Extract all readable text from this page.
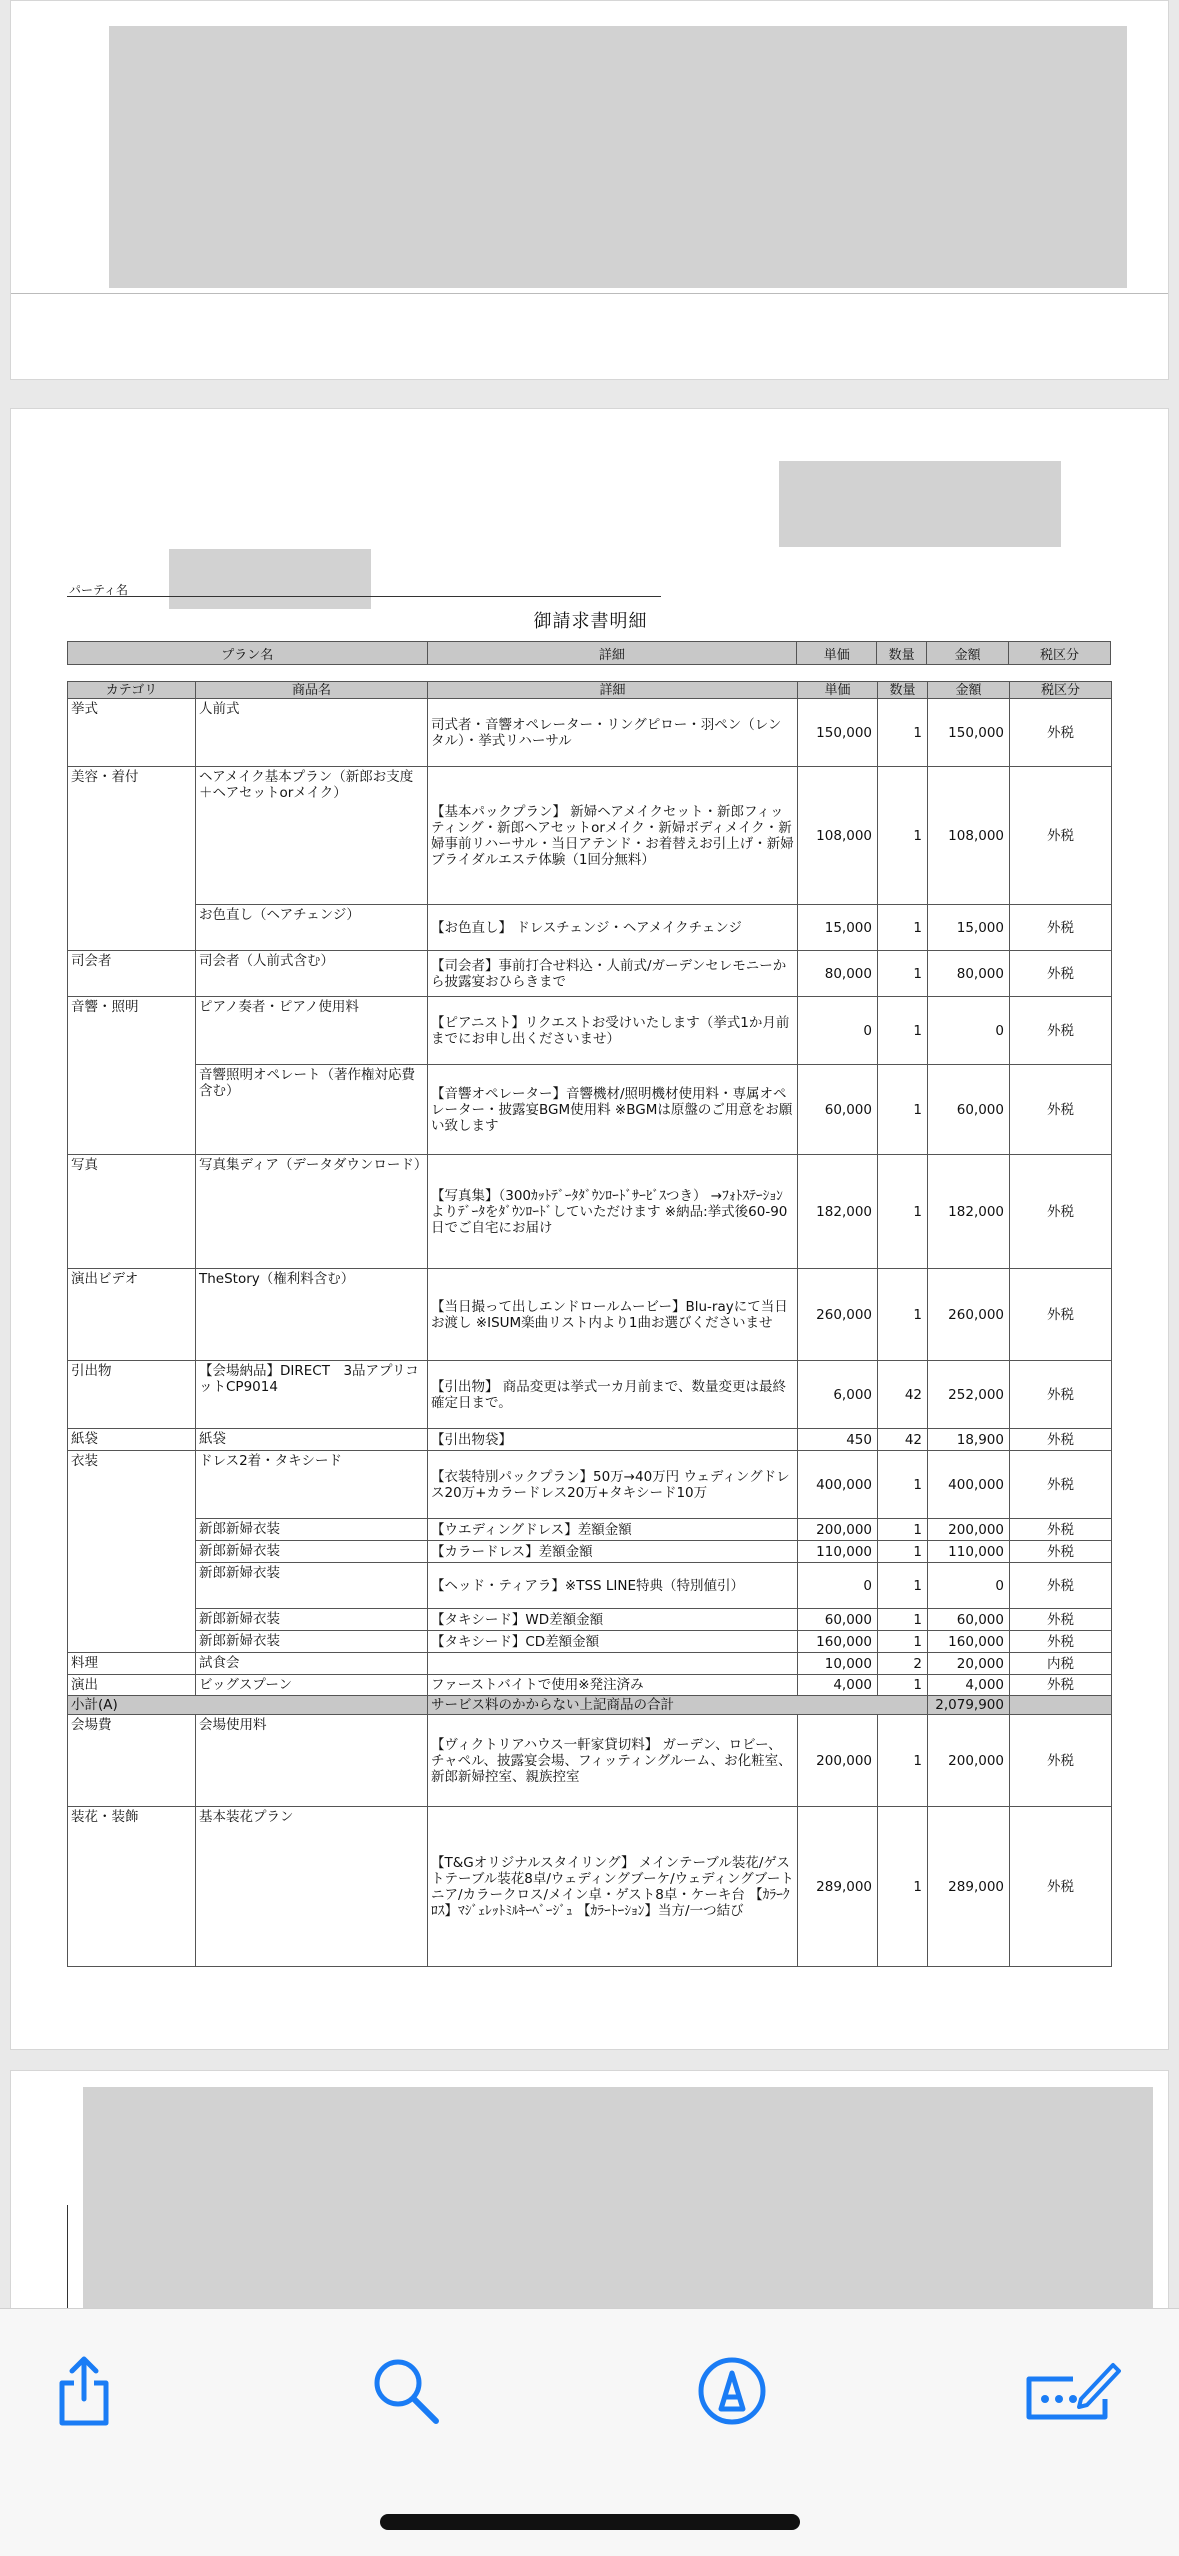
パーティ名
御請求書明細
プラン名	詳細	単価	数量	金額	税区分
カテゴリ	商品名	詳細	単価	数量	金額	税区分
挙式	人前式	司式者・音響オペレーター・リングピロー・羽ペン（レンタル）・挙式リハーサル	150,000	1	150,000	外税
美容・着付	ヘアメイク基本プラン（新郎お支度＋ヘアセットorメイク）	【基本パックプラン】 新婦ヘアメイクセット・新郎フィッティング・新郎ヘアセットorメイク・新婦ボディメイク・新婦事前リハーサル・当日アテンド・お着替えお引上げ・新婦ブライダルエステ体験（1回分無料）	108,000	1	108,000	外税
	お色直し（ヘアチェンジ）	【お色直し】 ドレスチェンジ・ヘアメイクチェンジ	15,000	1	15,000	外税
司会者	司会者（人前式含む）	【司会者】事前打合せ料込・人前式/ガーデンセレモニーから披露宴おひらきまで	80,000	1	80,000	外税
音響・照明	ピアノ奏者・ピアノ使用料	【ピアニスト】リクエストお受けいたします（挙式1か月前までにお申し出くださいませ）	0	1	0	外税
	音響照明オペレート（著作権対応費含む）	【音響オペレーター】音響機材/照明機材使用料・専属オペレーター・披露宴BGM使用料 ※BGMは原盤のご用意をお願い致します	60,000	1	60,000	外税
写真	写真集ディア（データダウンロード）	【写真集】（300ｶｯﾄﾃﾞｰﾀﾀﾞｳﾝﾛｰﾄﾞｻｰﾋﾞｽつき） →ﾌｫﾄｽﾃｰｼｮﾝよりﾃﾞｰﾀをﾀﾞｳﾝﾛｰﾄﾞしていただけます ※納品:挙式後60-90日でご自宅にお届け	182,000	1	182,000	外税
演出ビデオ	TheStory（権利料含む）	【当日撮って出しエンドロールムービー】Blu-rayにて当日お渡し ※ISUM楽曲リスト内より1曲お選びくださいませ	260,000	1	260,000	外税
引出物	【会場納品】DIRECT　3品アプリコットCP9014	【引出物】 商品変更は挙式一カ月前まで、数量変更は最終確定日まで。	6,000	42	252,000	外税
紙袋	紙袋	【引出物袋】	450	42	18,900	外税
衣装	ドレス2着・タキシード	【衣装特別パックプラン】50万→40万円 ウェディングドレス20万+カラードレス20万+タキシード10万	400,000	1	400,000	外税
	新郎新婦衣装	【ウエディングドレス】差額金額	200,000	1	200,000	外税
	新郎新婦衣装	【カラードレス】差額金額	110,000	1	110,000	外税
	新郎新婦衣装	【ヘッド・ティアラ】※TSS LINE特典（特別値引）	0	1	0	外税
	新郎新婦衣装	【タキシード】WD差額金額	60,000	1	60,000	外税
	新郎新婦衣装	【タキシード】CD差額金額	160,000	1	160,000	外税
料理	試食会		10,000	2	20,000	内税
演出	ビッグスプーン	ファーストバイトで使用※発注済み	4,000	1	4,000	外税
小計(A)		サービス料のかからない上記商品の合計			2,079,900	
会場費	会場使用料	【ヴィクトリアハウス一軒家貸切料】 ガーデン、ロビー、チャペル、披露宴会場、フィッティングルーム、お化粧室、新郎新婦控室、親族控室	200,000	1	200,000	外税
装花・装飾	基本装花プラン	【T&Gオリジナルスタイリング】 メインテーブル装花/ゲストテーブル装花8卓/ウェディングブーケ/ウェディングブートニア/カラークロス/メイン卓・ゲスト8卓・ケーキ台 【ｶﾗｰｸﾛｽ】ﾏｼﾞｪﾚｯﾄﾐﾙｷｰﾍﾞｰｼﾞｭ 【ｶﾗｰﾄｰｼｮﾝ】当方/一つ結び	289,000	1	289,000	外税
